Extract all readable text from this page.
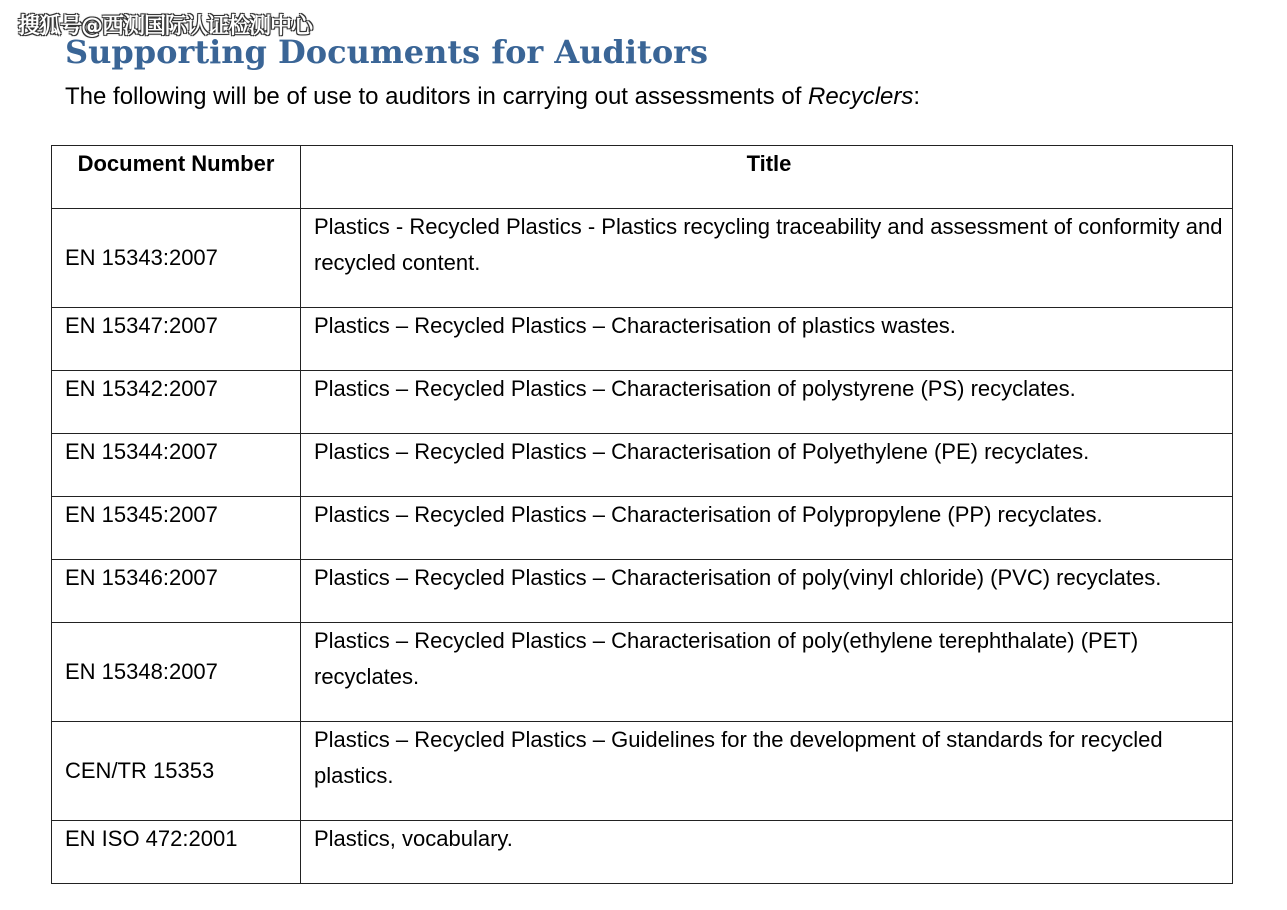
搜狐号@西测国际认证检测中心
Supporting Documents for Auditors

The following will be of use to auditors in carrying out assessments of Recyclers:

Document Number	Title
EN 15343:2007	Plastics - Recycled Plastics - Plastics recycling traceability and assessment of conformity and recycled content.
EN 15347:2007	Plastics – Recycled Plastics – Characterisation of plastics wastes.
EN 15342:2007	Plastics – Recycled Plastics – Characterisation of polystyrene (PS) recyclates.
EN 15344:2007	Plastics – Recycled Plastics – Characterisation of Polyethylene (PE) recyclates.
EN 15345:2007	Plastics – Recycled Plastics – Characterisation of Polypropylene (PP) recyclates.
EN 15346:2007	Plastics – Recycled Plastics – Characterisation of poly(vinyl chloride) (PVC) recyclates.
EN 15348:2007	Plastics – Recycled Plastics – Characterisation of poly(ethylene terephthalate) (PET) recyclates.
CEN/TR 15353	Plastics – Recycled Plastics – Guidelines for the development of standards for recycled plastics.
EN ISO 472:2001	Plastics, vocabulary.
